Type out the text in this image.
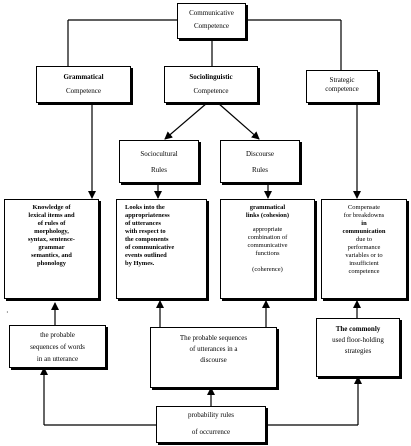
Communicative
Competence
Grammatical
Competence
Sociolinguistic
Competence
Strategic
competence
Sociocultural
Rules
Discourse
Rules
Knowledge of
lexical items and
of rules of
morphology,
syntax, sentence-
grammar
semantics, and
phonology
Looks into the
appropriateness
of utterances
with respect to
the components
of communicative
events outlined
by Hymes.
grammatical
links (cohesion)
appropriate
combination of
communicative
functions
(coherence)
Compensate
for breakdowns
in
communication
due to
performance
variables or to
insufficient
competence
·
the probable
sequences of words
in an utterance
The probable sequences
of utterances in a
discourse
The commonly
used floor-holding
strategies
probability rules
of occurrence
